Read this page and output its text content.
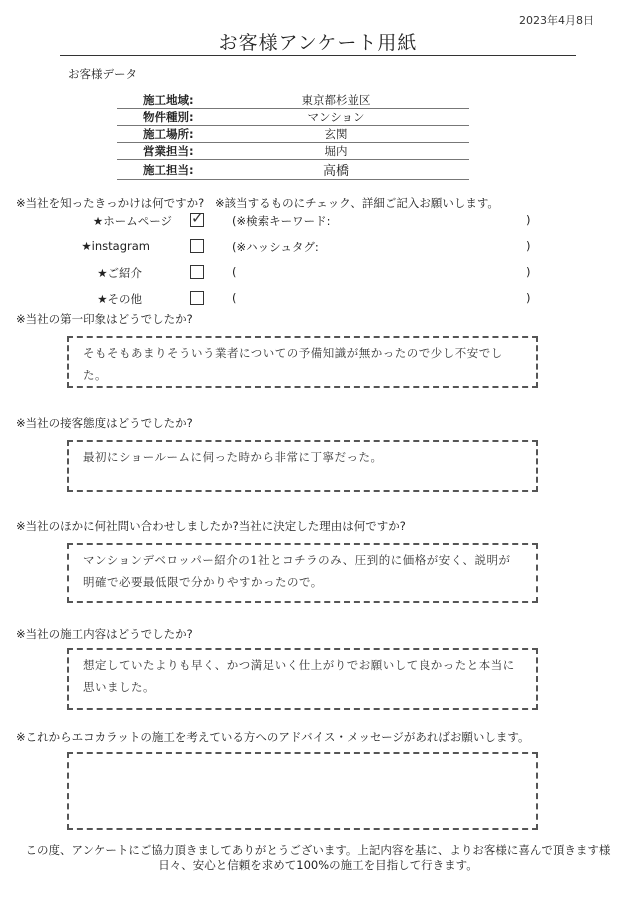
2023年4月8日
お客様アンケート用紙
お客様データ
施工地域:	東京都杉並区
物件種別:	マンション
施工場所:	玄関
営業担当:	堀内
施工担当:	高橋
※当社を知ったきっかけは何ですか? ※該当するものにチェック、詳細ご記入お願いします。
★ホームページ ✓ (※検索キーワード:	)
★instagram	(※ハッシュタグ:	)
★ご紹介	(	)
★その他	(	)
※当社の第一印象はどうでしたか?
そもそもあまりそういう業者についての予備知識が無かったので少し不安でした。
※当社の接客態度はどうでしたか?
最初にショールームに伺った時から非常に丁寧だった。
※当社のほかに何社問い合わせしましたか?当社に決定した理由は何ですか?
マンションデベロッパー紹介の1社とコチラのみ、圧到的に価格が安く、説明が
明確で必要最低限で分かりやすかったので。
※当社の施工内容はどうでしたか?
想定していたよりも早く、かつ満足いく仕上がりでお願いして良かったと本当に
思いました。
※これからエコカラットの施工を考えている方へのアドバイス・メッセージがあればお願いします。
この度、アンケートにご協力頂きましてありがとうございます。上記内容を基に、よりお客様に喜んで頂きます様
日々、安心と信頼を求めて100%の施工を目指して行きます。
